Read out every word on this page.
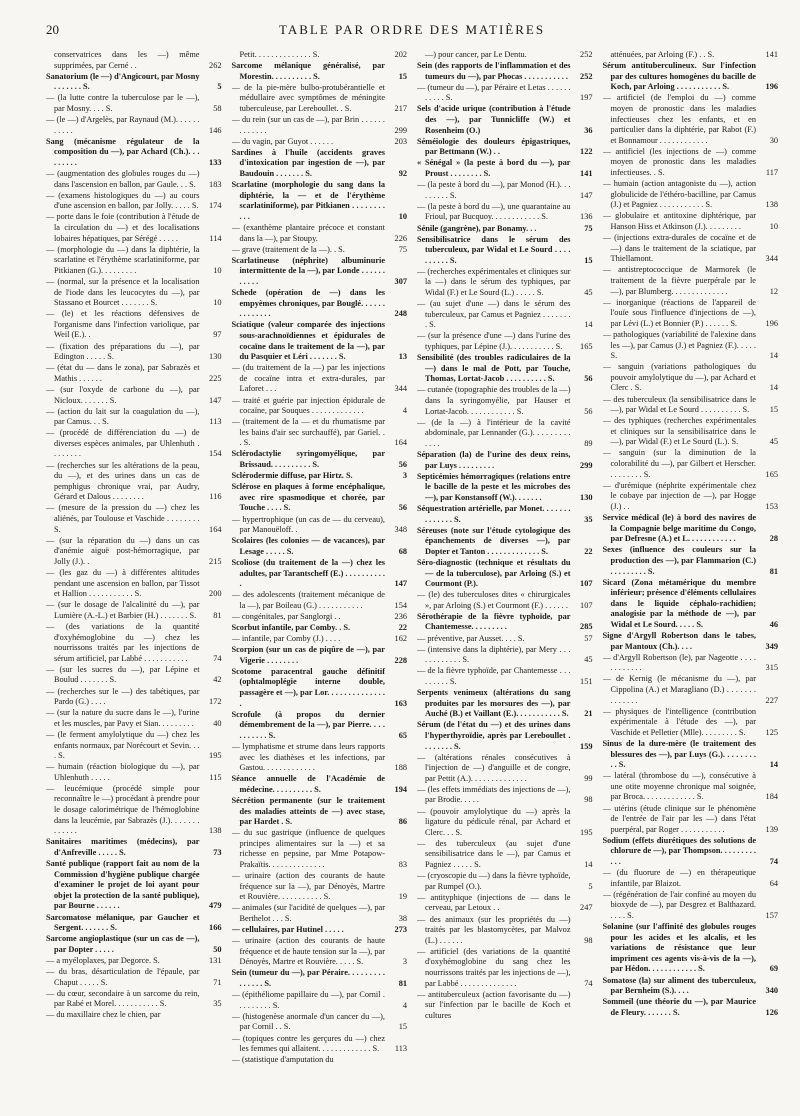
20	TABLE PAR ORDRE DES MATIÈRES
conservatrices dans les —) même supprimées, par Cerné . .	262
Sanatorium (le —) d'Angicourt, par Mosny . . . . . . . S.	5
— (la lutte contre la tuberculose par le —), par Mosny. . . . S.	58
— (le —) d'Argelès, par Raynaud (M.). . . . . . . . . . .	146
Sang (mécanisme régulateur de la composition du —), par Achard (Ch.). . . . . . . . .	133
— (augmentation des globules rouges du —) dans l'ascension en ballon, par Gaule. . . S. 183
— (examens histologiques du —) au cours d'une ascension en ballon, par Jolly. . . . . S. 174
— porte dans le foie (contribution à l'étude de la circulation du —) et des localisations lobaires hépatiques, par Sérégé . . . . .	114
— (morphologie du —) dans la diphtérie, la scarlatine et l'érythème scarlatiniforme, par Pitkianen (G.). . . . . . . . .	10
— (normal, sur la présence et la localisation de l'iode dans les leucocytes du —), par Stassano et Bourcet . . . . . . . S.	10
— (le) et les réactions défensives de l'organisme dans l'infection variolique, par Weil (E.). .	97
— (fixation des préparations du —), par Edington . . . . . S.	130
— (état du — dans le zona), par Sabrazès et Mathis . . . . . .	225
— (sur l'oxyde de carbone du —), par Nicloux. . . . . . . S.	147
— (action du lait sur la coagulation du —), par Camus. . . S.	113
— (procédé de différenciation du —) de diverses espèces animales, par Uhlenhuth . . . . . . . .	154
— (recherches sur les altérations de la peau, du —), et des urines dans un cas de pemphigus chronique vrai, par Audry, Gérard et Dalous . . . . . . . .	116
— (mesure de la pression du —) chez les aliénés, par Toulouse et Vaschide . . . . . . . . S.	164
— (sur la réparation du —) dans un cas d'anémie aiguë post-hémorragique, par Jolly (J.). .	215
— (les gaz du —) à différentes altitudes pendant une ascension en ballon, par Tissot et Hallion . . . . . . . . . . . S.	200
— (sur le dosage de l'alcalinité du —), par Lumière (A.-L.) et Barbier (H.) . . . . . . . S. 81
— (des variations de la quantité d'oxyhémoglobine du —) chez les nourrissons traités par les injections de sérum artificiel, par Labbé . . . . . . . . . . .	74
— (sur les sucres du —), par Lépine et Boulud . . . . . . . S.	42
— (recherches sur le —) des tabétiques, par Pardo (G.) . . . .	172
— (sur la nature du sucre dans le —), l'urine et les muscles, par Pavy et Sian. . . . . . . . . 40
— (le ferment amylolytique du —) chez les enfants normaux, par Norécourt et Sevin. . . . S.	195
— humain (réaction biologique du —), par Uhlenhuth . . . . .	115
— leucémique (procédé simple pour reconnaître le —) procédant à prendre pour le dosage calorimétrique de l'hémoglobine dans la leucémie, par Sabrazès (J.). . . . . . . . . . . . .	138
Sanitaires maritimes (médecins), par d'Anfreville . . . . . S.	73
Santé publique (rapport fait au nom de la Commission d'hygiène publique chargée d'examiner le projet de loi ayant pour objet la protection de la santé publique), par Bourne . . . . . .	479
Sarcomatose mélanique, par Gaucher et Sergent. . . . . . . S.	166
Sarcome angioplastique (sur un cas de —), par Dopter . . . . .	50
— a myéloplaxes, par Degorce. S.	131
— du bras, désarticulation de l'épaule, par Chaput . . . . . S.	71
— du cœur, secondaire à un sarcome du rein, par Rabé et Morel. . . . . . . . . . . S.	35
— du maxillaire chez le chien, par
Petit. . . . . . . . . . . . . . S.	202
Sarcome mélanique généralisé, par Morestin. . . . . . . . . . S.	15
— de la pie-mère bulbo-protubérantielle et médullaire avec symptômes de méningite tuberculeuse, par Lereboullet. . S.	217
— du rein (sur un cas de —), par Brin . . . . . . . . . . . . .	299
— du vagin, par Guyot . . . . . .	203
Sardines à l'huile (accidents graves d'intoxication par ingestion de —), par Baudouin . . . . . . . S.	92
Scarlatine (morphologie du sang dans la diphtérie, la — et de l'érythème scarlatiniforme), par Pitkianen . . . . . . . . . . .	10
— (exanthème plantaire précoce et constant dans la —), par Stoupy.	226
— grave (traitement de la —). . S.	75
Scarlatineuse (néphrite) albuminurie intermittente de la —), par Londe . . . . . . . . . . .	307
Schede (opération de —) dans les empyèmes chroniques, par Bouglé. . . . . . . . . . . . . .	248
Sciatique (valeur comparée des injections sous-arachnoïdiennes et épidurales de cocaïne dans le traitement de la —), par du Pasquier et Léri . . . . . . . S.	13
— (du traitement de la —) par les injections de cocaïne intra et extra-durales, par Laforet . . .	344
— traité et guérie par injection épidurale de cocaïne, par Souques . . . . . . . . . . . . .	4
— (traitement de la — et du rhumatisme par les bains d'air sec surchauffé), par Gariel. . . S.	164
Sclérodactylie syringomyélique, par Brissaud. . . . . . . . . . S.	56
Sclérodermie diffuse, par Hirtz. S.	3
Sclérose en plaques à forme encéphalique, avec rire spasmodique et chorée, par Touche . . . . S.	56
— hypertrophique (un cas de — du cerveau), par Manouëloff. .	348
Scolaires (les colonies — de vacances), par Lesage . . . . . S.	68
Scoliose (du traitement de la —) chez les adultes, par Tarantscheff (E.) . . . . . . . . . . .	147
— des adolescents (traitement mécanique de la —), par Boileau (G.) . . . . . . . . . . .	154
— congénitales, par Sanglorgi . .	236
Scorbut infantile, par Comby. . S.	22
— infantile, par Comby (J.) . . . .	162
Scorpion (sur un cas de piqûre de —), par Vigerie . . . . . . . .	228
Scotome paracentral gauche définitif (ophtalmoplégie interne double, passagère et —), par Lor. . . . . . . . . . . . . . .	163
Scrofule (à propos du dernier démembrement de la —), par Pierre. . . . . . . . . . . S.	65
— lymphatisme et strume dans leurs rapports avec les diathèses et les infections, par Gastou. . . . . . . . . . . . .	188
Séance annuelle de l'Académie de médecine. . . . . . . . . . S.	194
Sécrétion permanente (sur le traitement des maladies atteints de —) avec stase, par Hardet . S.	86
— du suc gastrique (influence de quelques principes alimentaires sur la —) et sa richesse en pepsine, par Mme Potapow-Prakaïtis. . . . . . . . . . . . . .	83
— urinaire (action des courants de haute fréquence sur la —), par Dénoyès, Martre et Rouvière. . . . . . . . . . . S.	19
— animales (sur l'acidité de quelques —), par Berthelot . . . S.	38
— cellulaires, par Hutinel . . . . .	273
— urinaire (action des courants de haute fréquence et de haute tension sur la —), par Dénoyès, Martre et Rouvière. . . . . S.	3
Sein (tumeur du —), par Péraire. . . . . . . . . . . . . . . S.	81
— (épithéliome papillaire du —), par Cornil . . . . . . . . . S.	4
— (histogenèse anormale d'un cancer du —), par Cornil . . S.	15
— (topiques contre les gerçures du —) chez les femmes qui allaitent. . . . . . . . . . . . . S. 113
— (statistique d'amputation du
—) pour cancer, par Le Dentu.	252
Sein (des rapports de l'inflammation et des tumeurs du —), par Phocas . . . . . . . . . . . 252
— (tumeur du —), par Péraire et Letas . . . . . . . . . . . S.	197
Sels d'acide urique (contribution à l'étude des —), par Tunnicliffe (W.) et Rosenheim (O.)	36
Séméiologie des douleurs épigastriques, par Bettmann (W.) . .	122
« Sénégal » (la peste à bord du —), par Proust . . . . . . . . S.	141
— (la peste à bord du —), par Monod (H.). . . . . . . . . S.	147
— (la peste à bord du —), une quarantaine au Frioul, par Bucquoy. . . . . . . . . . . . S.	136
Sénile (gangrène), par Bonamy. . .	75
Sensibilisatrice dans le sérum des tuberculeux, par Widal et Le Sourd . . . . . . . . . . S.	15
— (recherches expérimentales et cliniques sur la —) dans le sérum des typhiques, par Widal (F.) et Le Sourd (L.) . . . . . S.	45
— (au sujet d'une —) dans le sérum des tuberculeux, par Camus et Pagniez . . . . . . . . S.	14
— (sur la présence d'une —) dans l'urine des typhiques, par Lépine (J.). . . . . . . . . . . S. 165
Sensibilité (des troubles radiculaires de la —) dans le mal de Pott, par Touche, Thomas, Lortat-Jacob . . . . . . . . . . S.	56
— cutanée (topographie des troubles de la —) dans la syringomyélie, par Hauser et Lortat-Jacob. . . . . . . . . . . . S.	56
— (de la —) à l'intérieur de la cavité abdominale, par Lennander (G.). . . . . . . . . . . . .	89
Séparation (la) de l'urine des deux reins, par Luys . . . . . . . . .	299
Septicémies hémorragiques (relations entre le bacille de la peste et les microbes des —), par Konstansoff (W.). . . . . . .	130
Séquestration artérielle, par Monet. . . . . . . . . . . . . . S.	35
Séreuses (note sur l'étude cytologique des épanchements de diverses —), par Dopter et Tanton . . . . . . . . . . . . . S.	22
Séro-diagnostic (technique et résultats du — de la tuberculose), par Arloing (S.) et Courmont (P.).	107
— (le) des tuberculoses dites « chirurgicales », par Arloing (S.) et Courmont (F.) . . . . . . 107
Sérothérapie de la fièvre typhoïde, par Chantemesse. . . . . . . . .	285
— préventive, par Ausset. . . . S.	57
— (intensive dans la diphtérie), par Mery . . . . . . . . . . . . S.	45
— de la fièvre typhoïde, par Chantemesse . . . . . . . . . S.	151
Serpents venimeux (altérations du sang produites par les morsures des —), par Auché (B.) et Vaillant (E.). . . . . . . . . . . S. 21
Sérum (de l'état du —) et des urines dans l'hyperthyroïdie, après par Lereboullet . . . . . . . . S.	159
— (altérations rénales consécutives à l'injection de —) d'anguille et de congre, par Pettit (A.). . . . . . . . . . . . . .	99
— (les effets immédiats des injections de —), par Brodie. . . . .	98
— (pouvoir amylolytique du —) après la ligature du pédicule rénal, par Achard et Clerc. . . S.	195
— des tuberculeux (au sujet d'une sensibilisatrice dans le —), par Camus et Pagniez . . . . . S.	14
— (cryoscopie du —) dans la fièvre typhoïde, par Rumpel (O.).	5
— antityphique (injections de — dans le cerveau, par Letoux . .	247
— des animaux (sur les propriétés du —) traités par les blastomycètes, par Malvoz (L.) . . . . . .	98
— artificiel (des variations de la quantité d'oxyhémoglobine du sang chez les nourrissons traités par les injections de —), par Labbé . . . . . . . . . . . . . .	74
— antituberculeux (action favorisante du —) sur l'infection par le bacille de Koch et cultures
atténuées, par Arloing (F.) . . S.	141
Sérum antituberculineux. Sur l'infection par des cultures homogènes du bacille de Koch, par Arloing . . . . . . . . . . . S.	196
— artificiel (de l'emploi du —) comme moyen de pronostic dans les maladies infectieuses chez les enfants, et en particulier dans la diphtérie, par Rabot (F.) et Bonnamour . . . . . . . . . . . .	30
— antificiel (les injections de —) comme moyen de pronostic dans les maladies infectieuses. . S.	117
— humain (action antagoniste du —), action globulicide de l'éthéro-bacilline, par Camus (J.) et Pagniez . . . . . . . . . . . S.	138
— globulaire et antitoxine diphtérique, par Hanson Hiss et Atkinson (J.). . . . . . . . .	10
— (injections extra-durales de cocaïne et de —) dans le traitement de la sciatique, par Thiellamont.	344
— antistreptococcique de Marmorek (le traitement de la fièvre puerpérale par le —), par Blumberg. . . . . . . . . . . . . .	12
— inorganique (réactions de l'appareil de l'ouïe sous l'influence d'injections de —), par Lévi (L.) et Bonnier (P.) . . . . . . S.	196
— pathologiques (variabilité de l'alexine dans les —), par Camus (J.) et Pagniez (F.). . . . . S.	14
— sanguin (variations pathologiques du pouvoir amylolytique du —), par Achard et Clerc . S.	14
— des tuberculeux (la sensibilisatrice dans le —), par Widal et Le Sourd . . . . . . . . . . S. 15
— des typhiques (recherches expérimentales et cliniques sur la sensibilisatrice dans le —), par Widal (F.) et Le Sourd (L.). S.	45
— sanguin (sur la diminution de la colorabilité du —), par Gilbert et Herscher. . . . . . . . . S.	165
— d'urémique (néphrite expérimentale chez le cobaye par injection de —), par Hogge (J.) . .	153
Service médical (le) à bord des navires de la Compagnie belge maritime du Congo, par Defresne (A.) et L. . . . . . . . . . . .	28
Sexes (influence des couleurs sur la production des —), par Flammarion (C.) . . . . . . . . . S.	81
Sicard (Zona métamérique du membre inférieur; présence d'éléments cellulaires dans le liquide céphalo-rachidien; analogisie par la méthode de —), par Widal et Le Sourd. . . . . S.	46
Signe d'Argyll Robertson dans le tabes, par Mantoux (Ch.). . . .	349
— d'Argyll Robertson (le), par Nageotte . . . . . . . . . . . .	315
— de Kernig (le mécanisme du —), par Cippolina (A.) et Maragliano (D.) . . . . . . . . . . . . . .	227
— physiques de l'intelligence (contribution expérimentale à l'étude des —), par Vaschide et Pelletier (Mlle). . . . . . . . . S. 125
Sinus de la dure-mère (le traitement des blessures des —), par Luys (G.). . . . . . . . . . S.	14
— latéral (thrombose du —), consécutive à une otite moyenne chronique mal soignée, par Broca. . . . . . . . . . . . . S.	184
— utérins (étude clinique sur le phénomène de l'entrée de l'air par les —) dans l'état puerpéral, par Roger . . . . . . . . . . .	139
Sodium (effets diurétiques des solutions de chlorure de —), par Thompson. . . . . . . . . . . .	74
— (du fluorure de —) en thérapeutique infantile, par Blaizot.	64
— (régénération de l'air confiné au moyen du bioxyde de —), par Desgrez et Balthazard. . . . . S.	157
Solanine (sur l'affinité des globules rouges pour les acides et les alcalis, et les variations de résistance que leur impriment ces agents vis-à-vis de la —), par Hédon. . . . . . . . . . . . S.	69
Somatose (la) sur aliment des tuberculeux, par Bernheim (S.). . . .	340
Sommeil (une théorie du —), par Maurice de Fleury. . . . . . . S.	126
